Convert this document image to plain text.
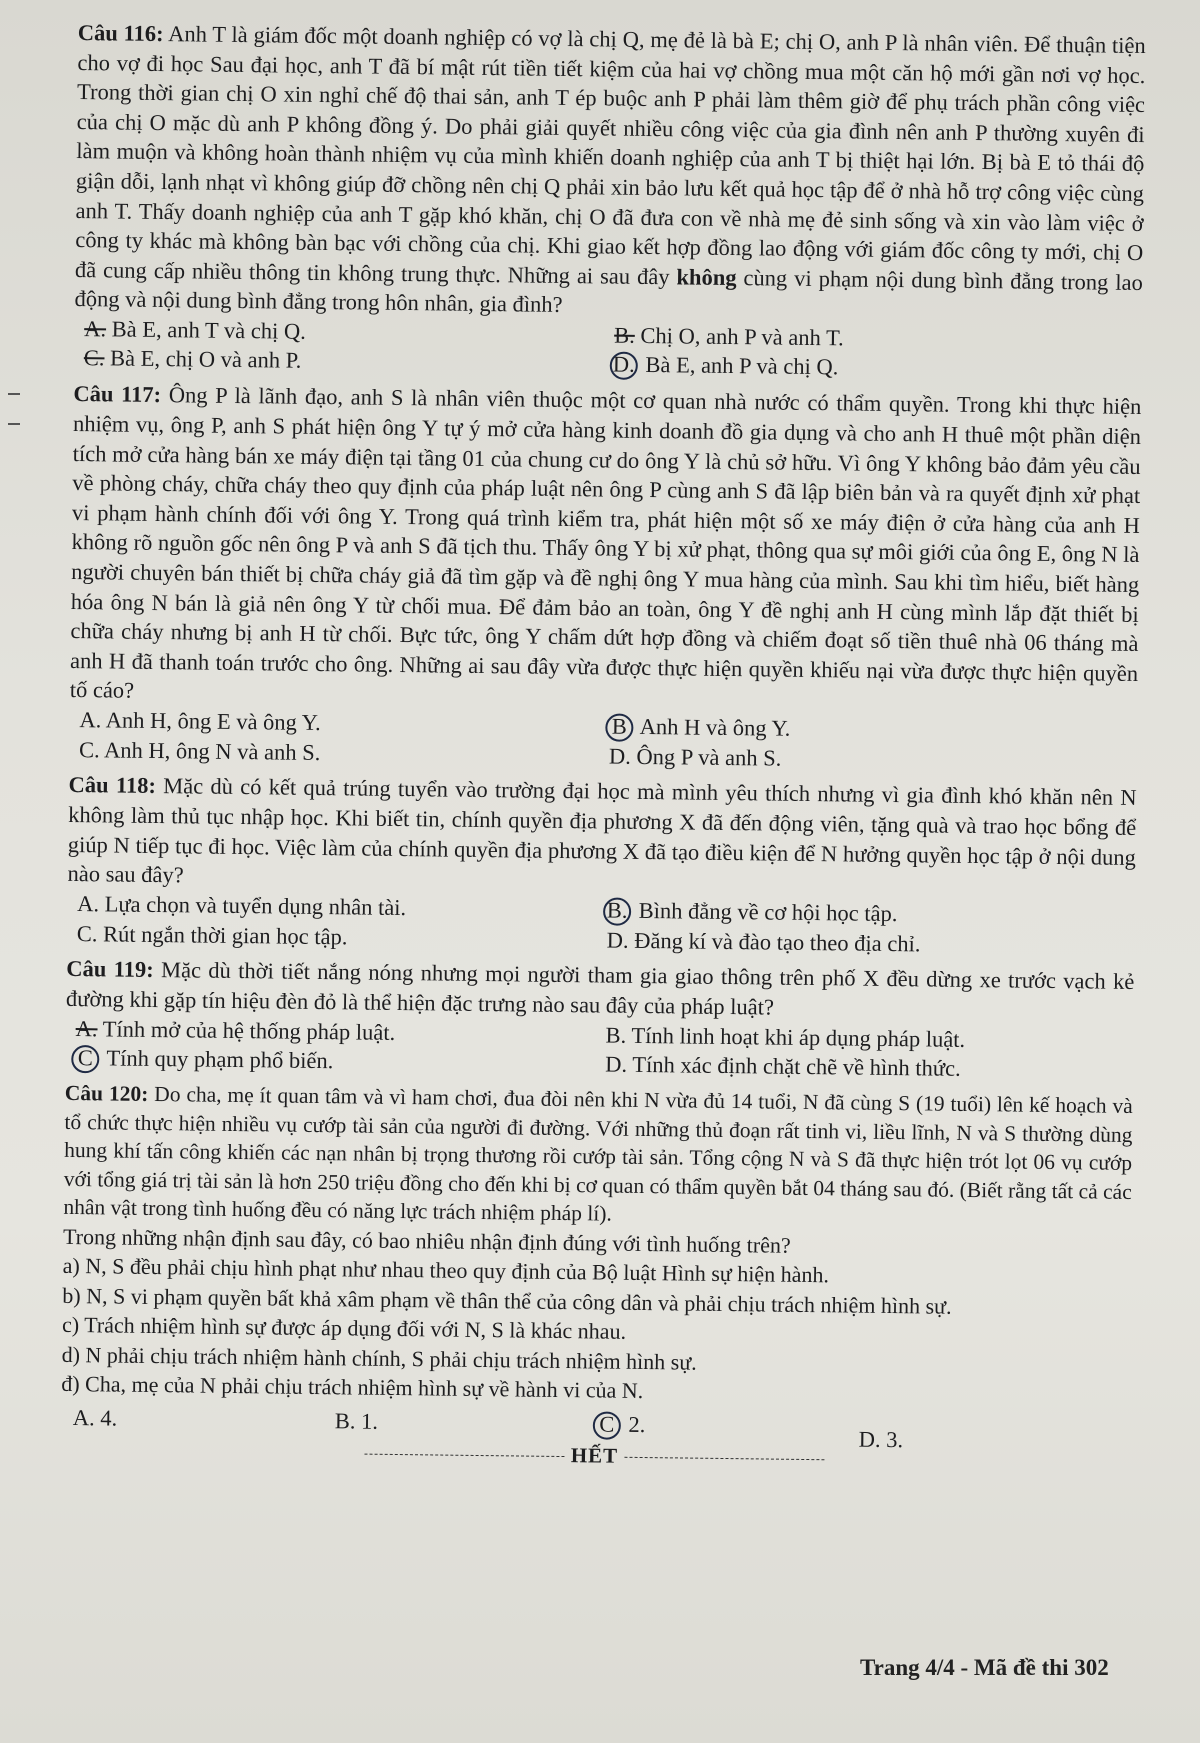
Câu 116: Anh T là giám đốc một doanh nghiệp có vợ là chị Q, mẹ đẻ là bà E; chị O, anh P là nhân viên. Để thuận tiện cho vợ đi học Sau đại học, anh T đã bí mật rút tiền tiết kiệm của hai vợ chồng mua một căn hộ mới gần nơi vợ học. Trong thời gian chị O xin nghỉ chế độ thai sản, anh T ép buộc anh P phải làm thêm giờ để phụ trách phần công việc của chị O mặc dù anh P không đồng ý. Do phải giải quyết nhiều công việc của gia đình nên anh P thường xuyên đi làm muộn và không hoàn thành nhiệm vụ của mình khiến doanh nghiệp của anh T bị thiệt hại lớn. Bị bà E tỏ thái độ giận dỗi, lạnh nhạt vì không giúp đỡ chồng nên chị Q phải xin bảo lưu kết quả học tập để ở nhà hỗ trợ công việc cùng anh T. Thấy doanh nghiệp của anh T gặp khó khăn, chị O đã đưa con về nhà mẹ đẻ sinh sống và xin vào làm việc ở công ty khác mà không bàn bạc với chồng của chị. Khi giao kết hợp đồng lao động với giám đốc công ty mới, chị O đã cung cấp nhiều thông tin không trung thực. Những ai sau đây không cùng vi phạm nội dung bình đẳng trong lao động và nội dung bình đẳng trong hôn nhân, gia đình?

A. Bà E, anh T và chị Q.	B. Chị O, anh P và anh T.
C. Bà E, chị O và anh P.	D. Bà E, anh P và chị Q.

Câu 117: Ông P là lãnh đạo, anh S là nhân viên thuộc một cơ quan nhà nước có thẩm quyền. Trong khi thực hiện nhiệm vụ, ông P, anh S phát hiện ông Y tự ý mở cửa hàng kinh doanh đồ gia dụng và cho anh H thuê một phần diện tích mở cửa hàng bán xe máy điện tại tầng 01 của chung cư do ông Y là chủ sở hữu. Vì ông Y không bảo đảm yêu cầu về phòng cháy, chữa cháy theo quy định của pháp luật nên ông P cùng anh S đã lập biên bản và ra quyết định xử phạt vi phạm hành chính đối với ông Y. Trong quá trình kiểm tra, phát hiện một số xe máy điện ở cửa hàng của anh H không rõ nguồn gốc nên ông P và anh S đã tịch thu. Thấy ông Y bị xử phạt, thông qua sự môi giới của ông E, ông N là người chuyên bán thiết bị chữa cháy giả đã tìm gặp và đề nghị ông Y mua hàng của mình. Sau khi tìm hiểu, biết hàng hóa ông N bán là giả nên ông Y từ chối mua. Để đảm bảo an toàn, ông Y đề nghị anh H cùng mình lắp đặt thiết bị chữa cháy nhưng bị anh H từ chối. Bực tức, ông Y chấm dứt hợp đồng và chiếm đoạt số tiền thuê nhà 06 tháng mà anh H đã thanh toán trước cho ông. Những ai sau đây vừa được thực hiện quyền khiếu nại vừa được thực hiện quyền tố cáo?

A. Anh H, ông E và ông Y.	B Anh H và ông Y.
C. Anh H, ông N và anh S.	D. Ông P và anh S.

Câu 118: Mặc dù có kết quả trúng tuyển vào trường đại học mà mình yêu thích nhưng vì gia đình khó khăn nên N không làm thủ tục nhập học. Khi biết tin, chính quyền địa phương X đã đến động viên, tặng quà và trao học bổng để giúp N tiếp tục đi học. Việc làm của chính quyền địa phương X đã tạo điều kiện để N hưởng quyền học tập ở nội dung nào sau đây?

A. Lựa chọn và tuyển dụng nhân tài.	B. Bình đẳng về cơ hội học tập.
C. Rút ngắn thời gian học tập.	D. Đăng kí và đào tạo theo địa chỉ.

Câu 119: Mặc dù thời tiết nắng nóng nhưng mọi người tham gia giao thông trên phố X đều dừng xe trước vạch kẻ đường khi gặp tín hiệu đèn đỏ là thể hiện đặc trưng nào sau đây của pháp luật?

A. Tính mở của hệ thống pháp luật.	B. Tính linh hoạt khi áp dụng pháp luật.
C Tính quy phạm phổ biến.	D. Tính xác định chặt chẽ về hình thức.

Câu 120: Do cha, mẹ ít quan tâm và vì ham chơi, đua đòi nên khi N vừa đủ 14 tuổi, N đã cùng S (19 tuổi) lên kế hoạch và tổ chức thực hiện nhiều vụ cướp tài sản của người đi đường. Với những thủ đoạn rất tinh vi, liều lĩnh, N và S thường dùng hung khí tấn công khiến các nạn nhân bị trọng thương rồi cướp tài sản. Tổng cộng N và S đã thực hiện trót lọt 06 vụ cướp với tổng giá trị tài sản là hơn 250 triệu đồng cho đến khi bị cơ quan có thẩm quyền bắt 04 tháng sau đó. (Biết rằng tất cả các nhân vật trong tình huống đều có năng lực trách nhiệm pháp lí).

Trong những nhận định sau đây, có bao nhiêu nhận định đúng với tình huống trên?

a) N, S đều phải chịu hình phạt như nhau theo quy định của Bộ luật Hình sự hiện hành.

b) N, S vi phạm quyền bất khả xâm phạm về thân thể của công dân và phải chịu trách nhiệm hình sự.

c) Trách nhiệm hình sự được áp dụng đối với N, S là khác nhau.

d) N phải chịu trách nhiệm hành chính, S phải chịu trách nhiệm hình sự.

đ) Cha, mẹ của N phải chịu trách nhiệm hình sự về hành vi của N.

A. 4.	B. 1.	C 2.
D. 3.
HẾT
Trang 4/4 - Mã đề thi 302
